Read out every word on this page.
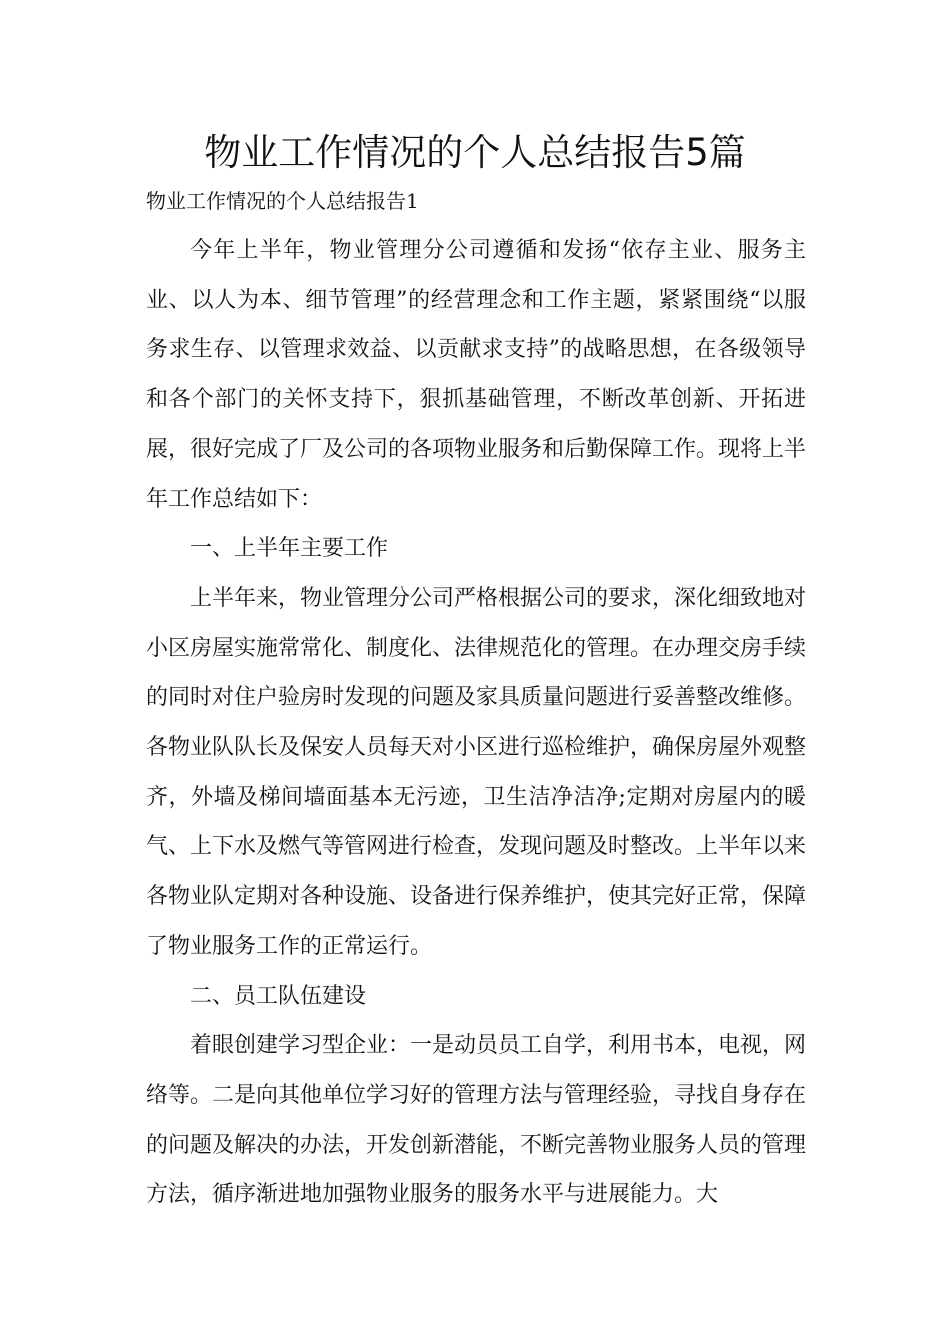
物业工作情况的个人总结报告5篇

物业工作情况的个人总结报告1

今年上半年，物业管理分公司遵循和发扬“依存主业、服务主业、以人为本、细节管理”的经营理念和工作主题，紧紧围绕“以服务求生存、以管理求效益、以贡献求支持”的战略思想，在各级领导和各个部门的关怀支持下，狠抓基础管理，不断改革创新、开拓进展，很好完成了厂及公司的各项物业服务和后勤保障工作。现将上半年工作总结如下：

一、上半年主要工作

上半年来，物业管理分公司严格根据公司的要求，深化细致地对小区房屋实施常常化、制度化、法律规范化的管理。在办理交房手续的同时对住户验房时发现的问题及家具质量问题进行妥善整改维修。各物业队队长及保安人员每天对小区进行巡检维护，确保房屋外观整齐，外墙及梯间墙面基本无污迹，卫生洁净洁净;定期对房屋内的暖气、上下水及燃气等管网进行检查，发现问题及时整改。上半年以来各物业队定期对各种设施、设备进行保养维护，使其完好正常，保障了物业服务工作的正常运行。

二、员工队伍建设

着眼创建学习型企业：一是动员员工自学，利用书本，电视，网络等。二是向其他单位学习好的管理方法与管理经验，寻找自身存在的问题及解决的办法，开发创新潜能，不断完善物业服务人员的管理方法，循序渐进地加强物业服务的服务水平与进展能力。大
